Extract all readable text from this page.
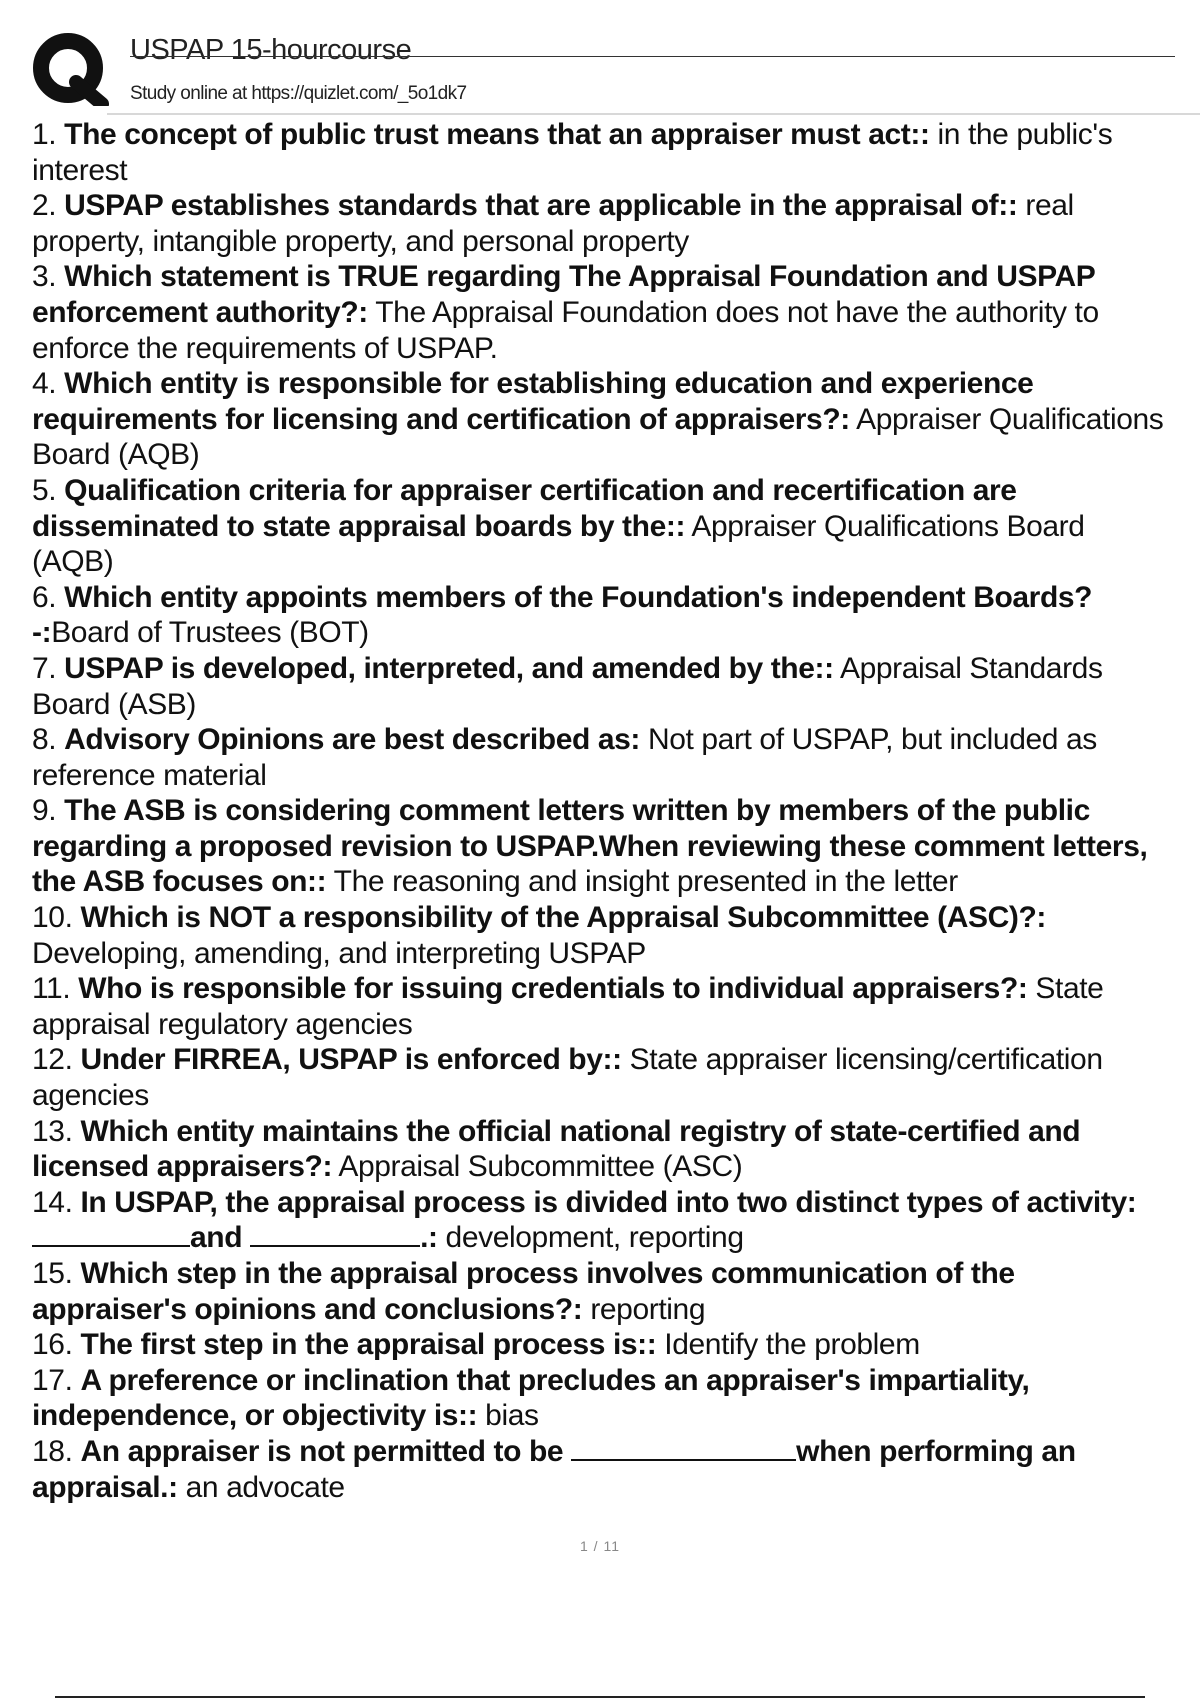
USPAP 15-hourcourse
Study online at https://quizlet.com/_5o1dk7
1. The concept of public trust means that an appraiser must act:: in the public's interest
2. USPAP establishes standards that are applicable in the appraisal of:: real property, intangible property, and personal property
3. Which statement is TRUE regarding The Appraisal Foundation and USPAP enforcement authority?: The Appraisal Foundation does not have the authority to enforce the requirements of USPAP.
4. Which entity is responsible for establishing education and experience requirements for licensing and certification of appraisers?: Appraiser Qualifications Board (AQB)
5. Qualification criteria for appraiser certification and recertification are disseminated to state appraisal boards by the:: Appraiser Qualifications Board (AQB)
6. Which entity appoints members of the Foundation's independent Boards?-:Board of Trustees (BOT)
7. USPAP is developed, interpreted, and amended by the:: Appraisal Standards Board (ASB)
8. Advisory Opinions are best described as: Not part of USPAP, but included as reference material
9. The ASB is considering comment letters written by members of the public regarding a proposed revision to USPAP.When reviewing these comment letters, the ASB focuses on:: The reasoning and insight presented in the letter
10. Which is NOT a responsibility of the Appraisal Subcommittee (ASC)?: Developing, amending, and interpreting USPAP
11. Who is responsible for issuing credentials to individual appraisers?: State appraisal regulatory agencies
12. Under FIRREA, USPAP is enforced by:: State appraiser licensing/certification agencies
13. Which entity maintains the official national registry of state-certified and licensed appraisers?: Appraisal Subcommittee (ASC)
14. In USPAP, the appraisal process is divided into two distinct types of activity: and	.: development, reporting
15. Which step in the appraisal process involves communication of the appraiser's opinions and conclusions?: reporting
16. The first step in the appraisal process is:: Identify the problem
17. A preference or inclination that precludes an appraiser's impartiality, independence, or objectivity is:: bias
18. An appraiser is not permitted to be	when performing an appraisal.: an advocate
1 / 11
